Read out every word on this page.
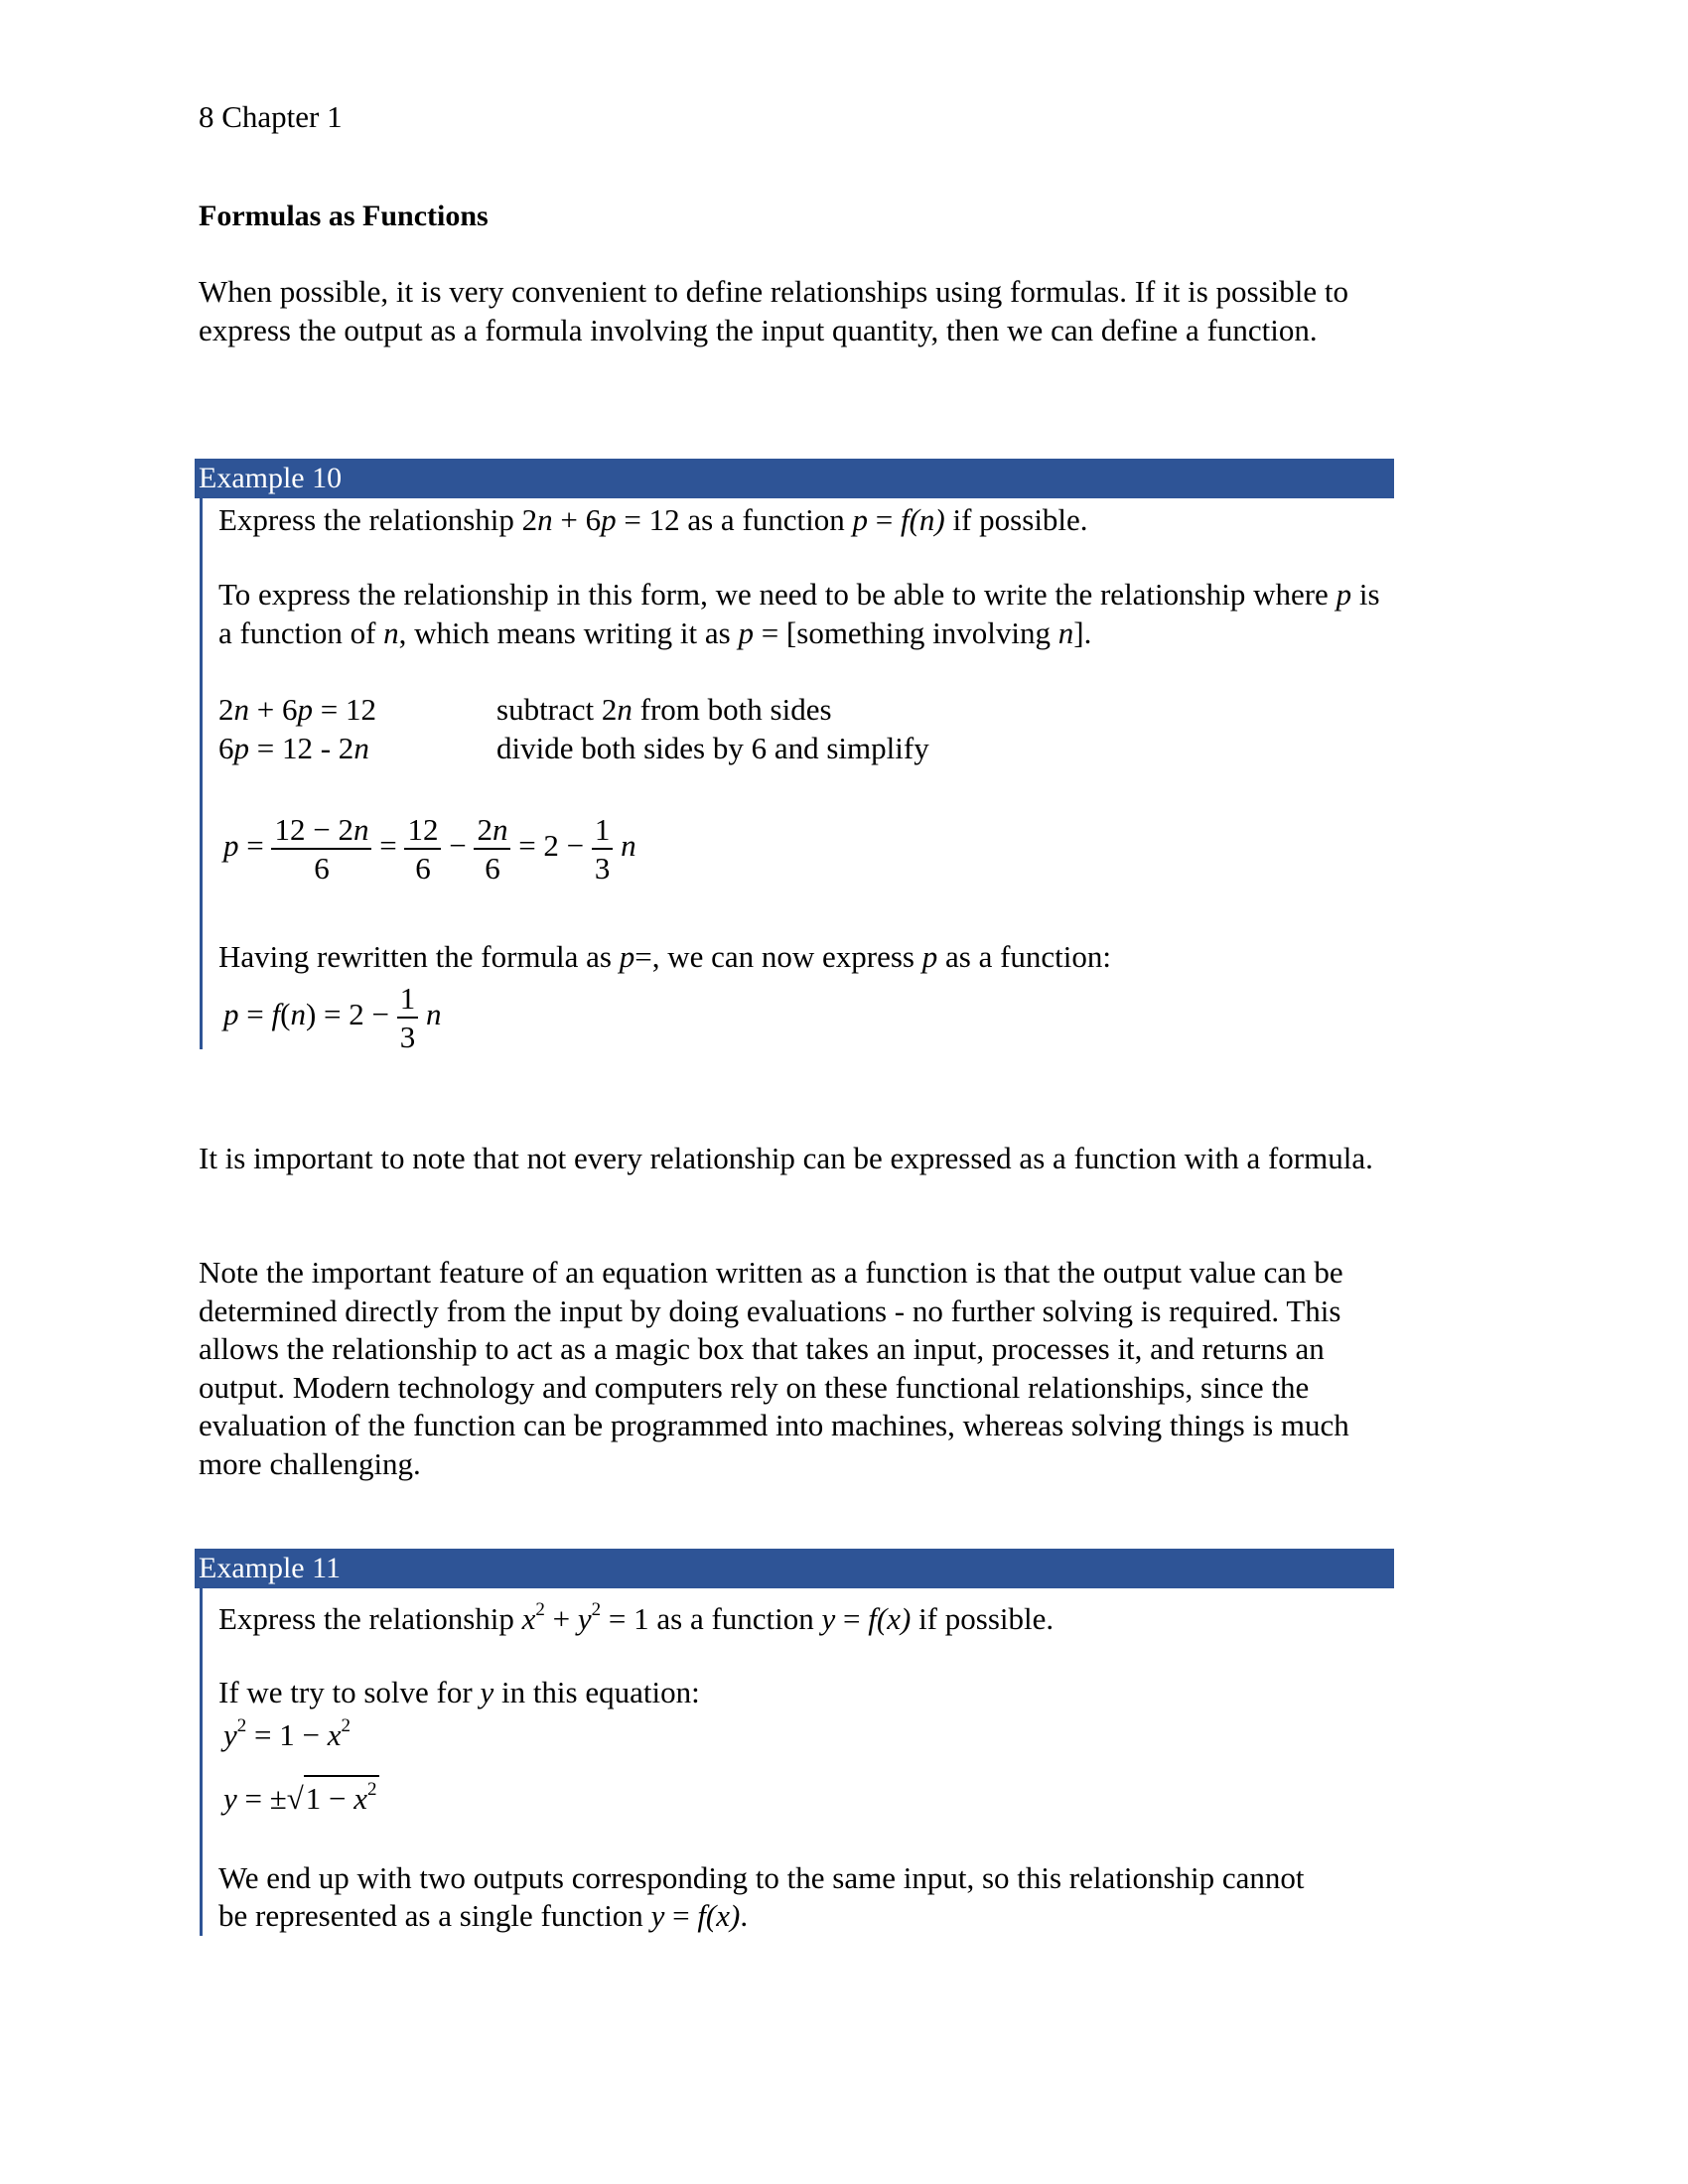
8 Chapter 1
Formulas as Functions

When possible, it is very convenient to define relationships using formulas. If it is possible to express the output as a formula involving the input quantity, then we can define a function.

Example 10

Express the relationship 2n + 6p = 12 as a function p = f(n) if possible.

To express the relationship in this form, we need to be able to write the relationship where p is a function of n, which means writing it as p = [something involving n].

2n + 6p = 12
6p = 12 - 2n
subtract 2n from both sides
divide both sides by 6 and simplify
$p = \frac{12 - 2n}{6} = \frac{12}{6} - \frac{2n}{6} = 2 - \frac{1}{3}$ n

Having rewritten the formula as p=, we can now express p as a function:

$p = f(n) = 2 - \frac{1}{3}$ n

It is important to note that not every relationship can be expressed as a function with a formula.

Note the important feature of an equation written as a function is that the output value can be determined directly from the input by doing evaluations - no further solving is required. This allows the relationship to act as a magic box that takes an input, processes it, and returns an output. Modern technology and computers rely on these functional relationships, since the evaluation of the function can be programmed into machines, whereas solving things is much more challenging.

Example 11

Express the relationship $x^2 + y^2 = 1$ as a function y = f(x) if possible.

If we try to solve for y in this equation:

$y^2 = 1 - x^2$
$y = \pm√1 - x^2$

We end up with two outputs corresponding to the same input, so this relationship cannot

be represented as a single function y = f(x).
